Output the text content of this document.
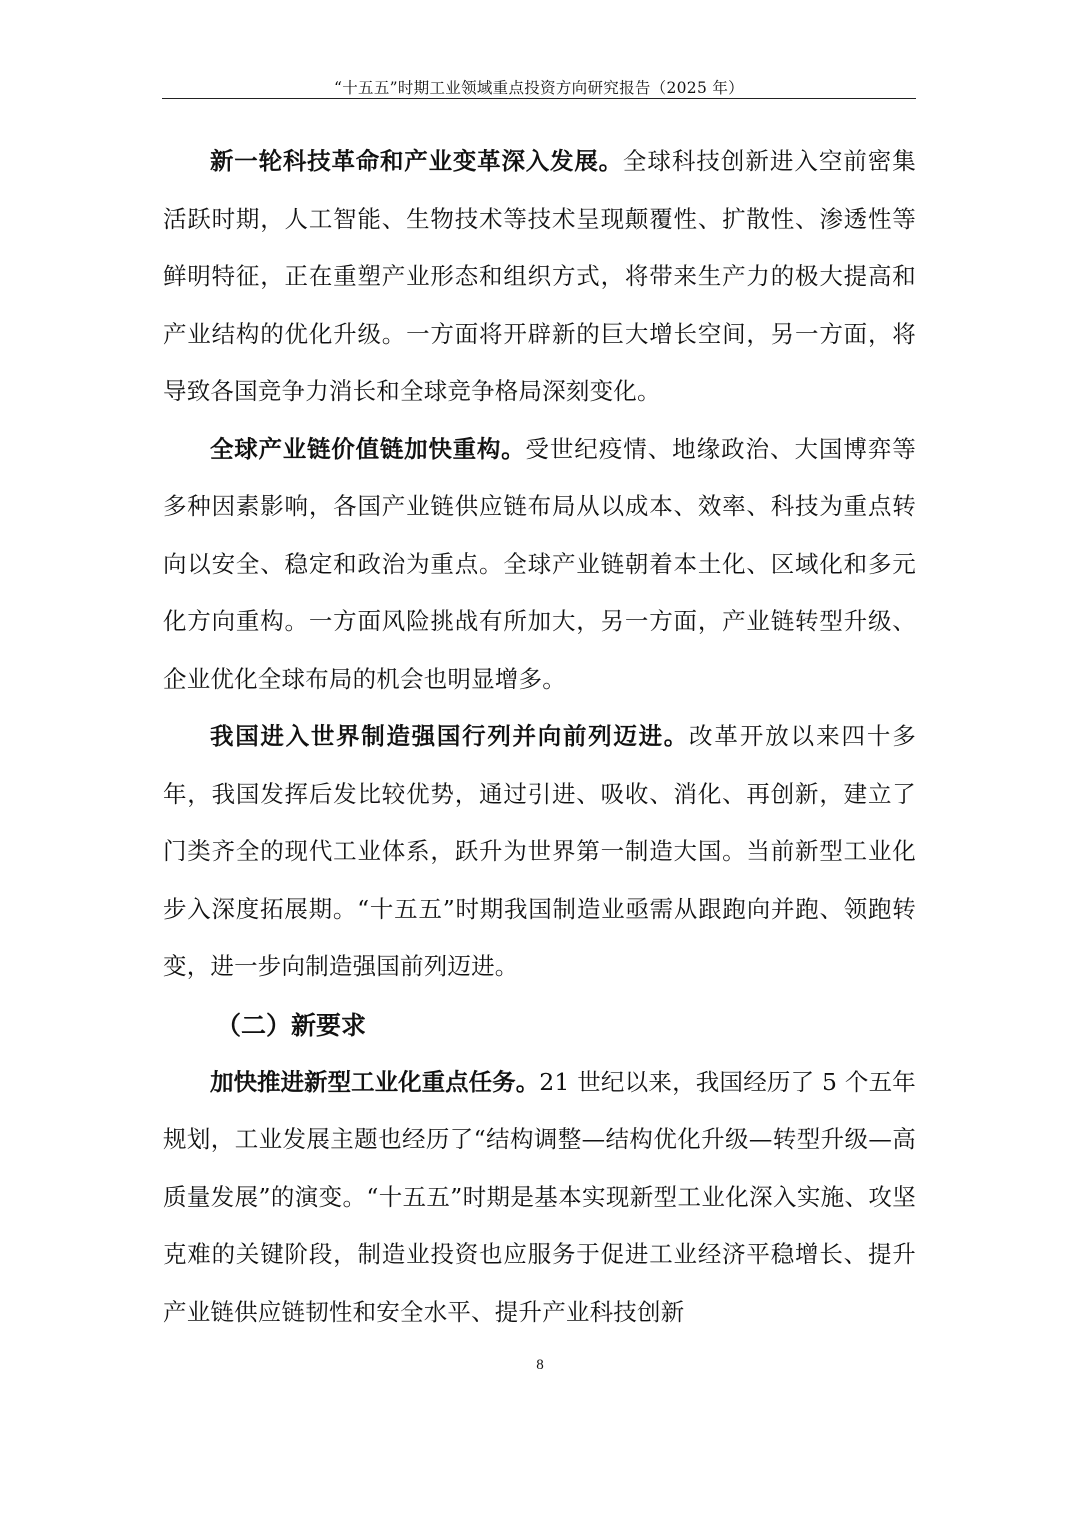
“十五五”时期工业领域重点投资方向研究报告（2025 年）

新一轮科技革命和产业变革深入发展。全球科技创新进入空前密集活跃时期，人工智能、生物技术等技术呈现颠覆性、扩散性、渗透性等鲜明特征，正在重塑产业形态和组织方式，将带来生产力的极大提高和产业结构的优化升级。一方面将开辟新的巨大增长空间，另一方面，将导致各国竞争力消长和全球竞争格局深刻变化。

全球产业链价值链加快重构。受世纪疫情、地缘政治、大国博弈等多种因素影响，各国产业链供应链布局从以成本、效率、科技为重点转向以安全、稳定和政治为重点。全球产业链朝着本土化、区域化和多元化方向重构。一方面风险挑战有所加大，另一方面，产业链转型升级、企业优化全球布局的机会也明显增多。

我国进入世界制造强国行列并向前列迈进。改革开放以来四十多年，我国发挥后发比较优势，通过引进、吸收、消化、再创新，建立了门类齐全的现代工业体系，跃升为世界第一制造大国。当前新型工业化步入深度拓展期。“十五五”时期我国制造业亟需从跟跑向并跑、领跑转变，进一步向制造强国前列迈进。

（二）新要求

加快推进新型工业化重点任务。21 世纪以来，我国经历了 5 个五年规划，工业发展主题也经历了“结构调整—结构优化升级—转型升级—高质量发展”的演变。“十五五”时期是基本实现新型工业化深入实施、攻坚克难的关键阶段，制造业投资也应服务于促进工业经济平稳增长、提升产业链供应链韧性和安全水平、提升产业科技创新

8
